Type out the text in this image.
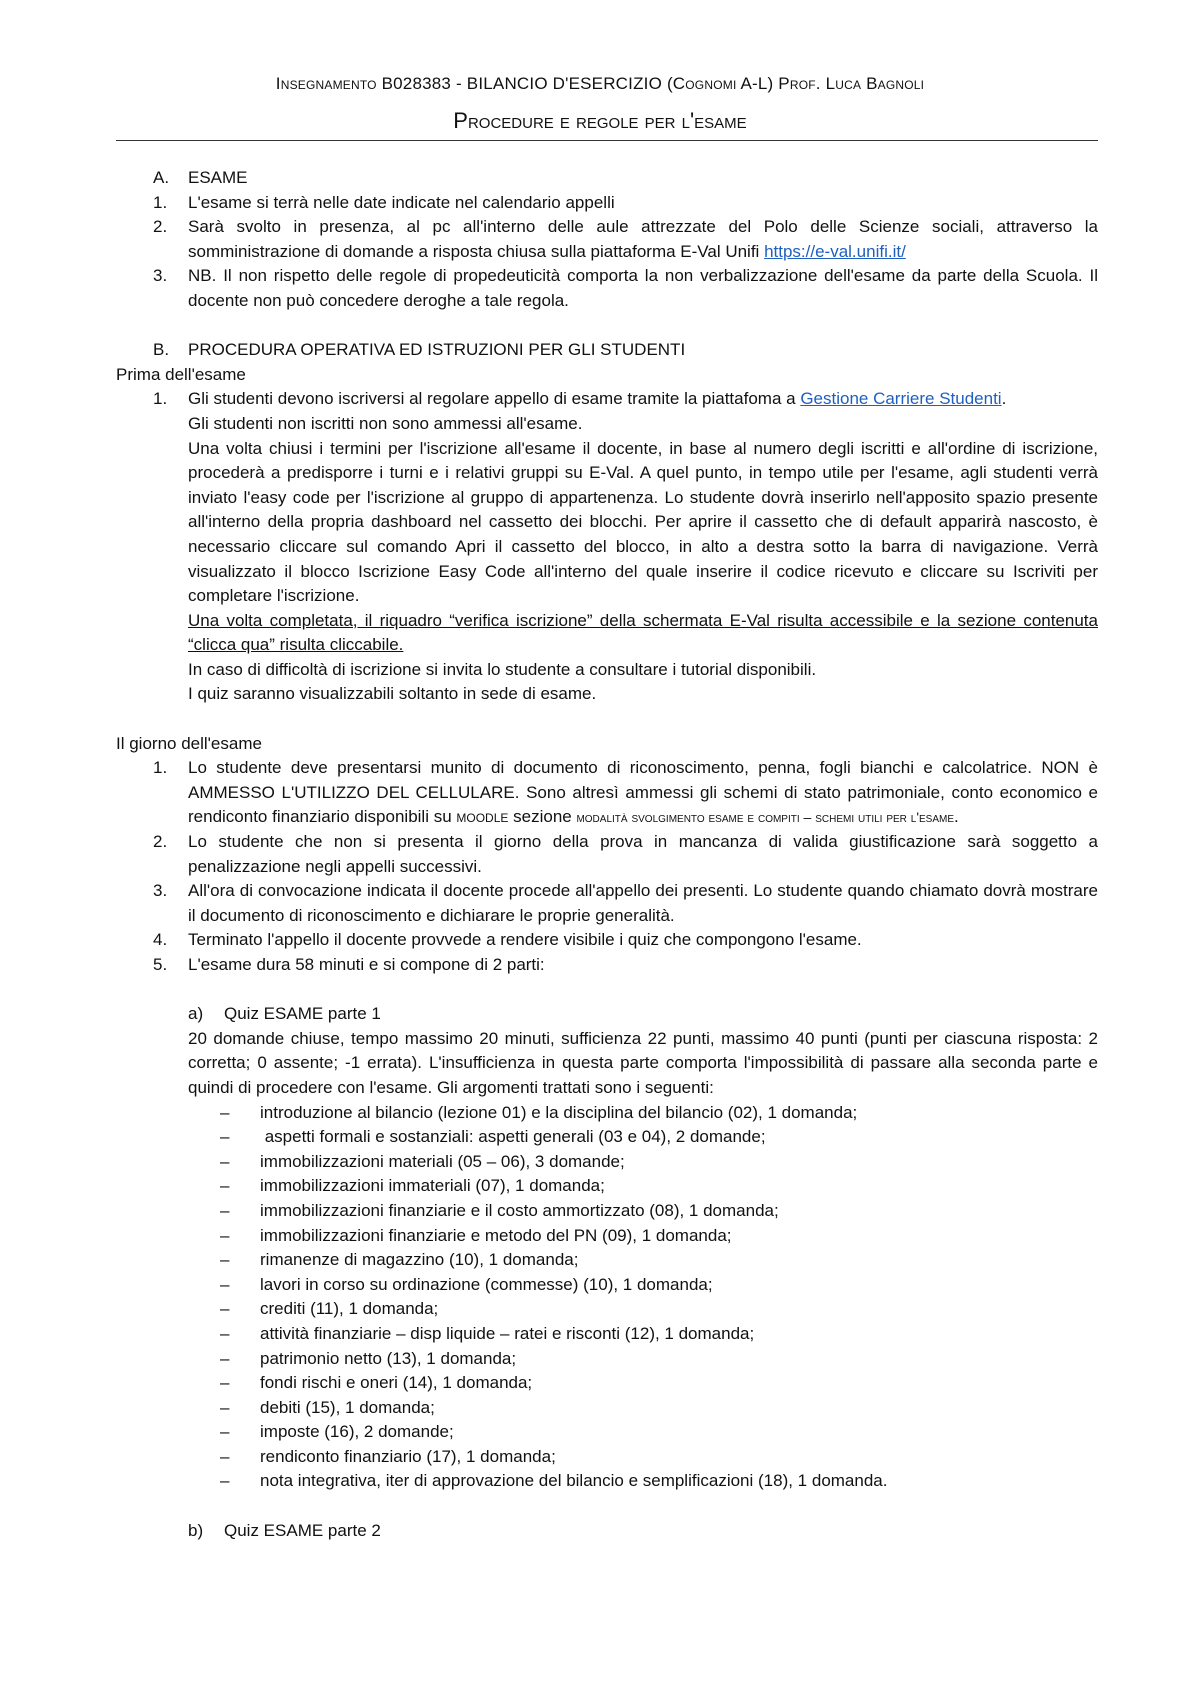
Insegnamento B028383 - BILANCIO D'ESERCIZIO (Cognomi A-L) Prof. Luca Bagnoli
Procedure e regole per l'esame
A. ESAME
1. L'esame si terrà nelle date indicate nel calendario appelli
2. Sarà svolto in presenza, al pc all'interno delle aule attrezzate del Polo delle Scienze sociali, attraverso la somministrazione di domande a risposta chiusa sulla piattaforma E-Val Unifi https://e-val.unifi.it/
3. NB. Il non rispetto delle regole di propedeuticità comporta la non verbalizzazione dell'esame da parte della Scuola. Il docente non può concedere deroghe a tale regola.
B. PROCEDURA OPERATIVA ED ISTRUZIONI PER GLI STUDENTI
Prima dell'esame
1. Gli studenti devono iscriversi al regolare appello di esame tramite la piattafoma a Gestione Carriere Studenti.
Gli studenti non iscritti non sono ammessi all'esame.
Una volta chiusi i termini per l'iscrizione all'esame il docente, in base al numero degli iscritti e all'ordine di iscrizione, procederà a predisporre i turni e i relativi gruppi su E-Val. A quel punto, in tempo utile per l'esame, agli studenti verrà inviato l'easy code per l'iscrizione al gruppo di appartenenza. Lo studente dovrà inserirlo nell'apposito spazio presente all'interno della propria dashboard nel cassetto dei blocchi. Per aprire il cassetto che di default apparirà nascosto, è necessario cliccare sul comando Apri il cassetto del blocco, in alto a destra sotto la barra di navigazione. Verrà visualizzato il blocco Iscrizione Easy Code all'interno del quale inserire il codice ricevuto e cliccare su Iscriviti per completare l'iscrizione.
Una volta completata, il riquadro “verifica iscrizione” della schermata E-Val risulta accessibile e la sezione contenuta “clicca qua” risulta cliccabile.
In caso di difficoltà di iscrizione si invita lo studente a consultare i tutorial disponibili.
I quiz saranno visualizzabili soltanto in sede di esame.
Il giorno dell'esame
1. Lo studente deve presentarsi munito di documento di riconoscimento, penna, fogli bianchi e calcolatrice. NON è AMMESSO L'UTILIZZO DEL CELLULARE. Sono altresì ammessi gli schemi di stato patrimoniale, conto economico e rendiconto finanziario disponibili su moodle sezione modalità svolgimento esame e compiti – schemi utili per l'esame.
2. Lo studente che non si presenta il giorno della prova in mancanza di valida giustificazione sarà soggetto a penalizzazione negli appelli successivi.
3. All'ora di convocazione indicata il docente procede all'appello dei presenti. Lo studente quando chiamato dovrà mostrare il documento di riconoscimento e dichiarare le proprie generalità.
4. Terminato l'appello il docente provvede a rendere visibile i quiz che compongono l'esame.
5. L'esame dura 58 minuti e si compone di 2 parti:
a) Quiz ESAME parte 1
20 domande chiuse, tempo massimo 20 minuti, sufficienza 22 punti, massimo 40 punti (punti per ciascuna risposta: 2 corretta; 0 assente; -1 errata). L'insufficienza in questa parte comporta l'impossibilità di passare alla seconda parte e quindi di procedere con l'esame. Gli argomenti trattati sono i seguenti:
– introduzione al bilancio (lezione 01) e la disciplina del bilancio (02), 1 domanda;
– aspetti formali e sostanziali: aspetti generali (03 e 04), 2 domande;
– immobilizzazioni materiali (05 – 06), 3 domande;
– immobilizzazioni immateriali (07), 1 domanda;
– immobilizzazioni finanziarie e il costo ammortizzato (08), 1 domanda;
– immobilizzazioni finanziarie e metodo del PN (09), 1 domanda;
– rimanenze di magazzino (10), 1 domanda;
– lavori in corso su ordinazione (commesse) (10), 1 domanda;
– crediti (11), 1 domanda;
– attività finanziarie – disp liquide – ratei e risconti (12), 1 domanda;
– patrimonio netto (13), 1 domanda;
– fondi rischi e oneri (14), 1 domanda;
– debiti (15), 1 domanda;
– imposte (16), 2 domande;
– rendiconto finanziario (17), 1 domanda;
– nota integrativa, iter di approvazione del bilancio e semplificazioni (18), 1 domanda.
b) Quiz ESAME parte 2
